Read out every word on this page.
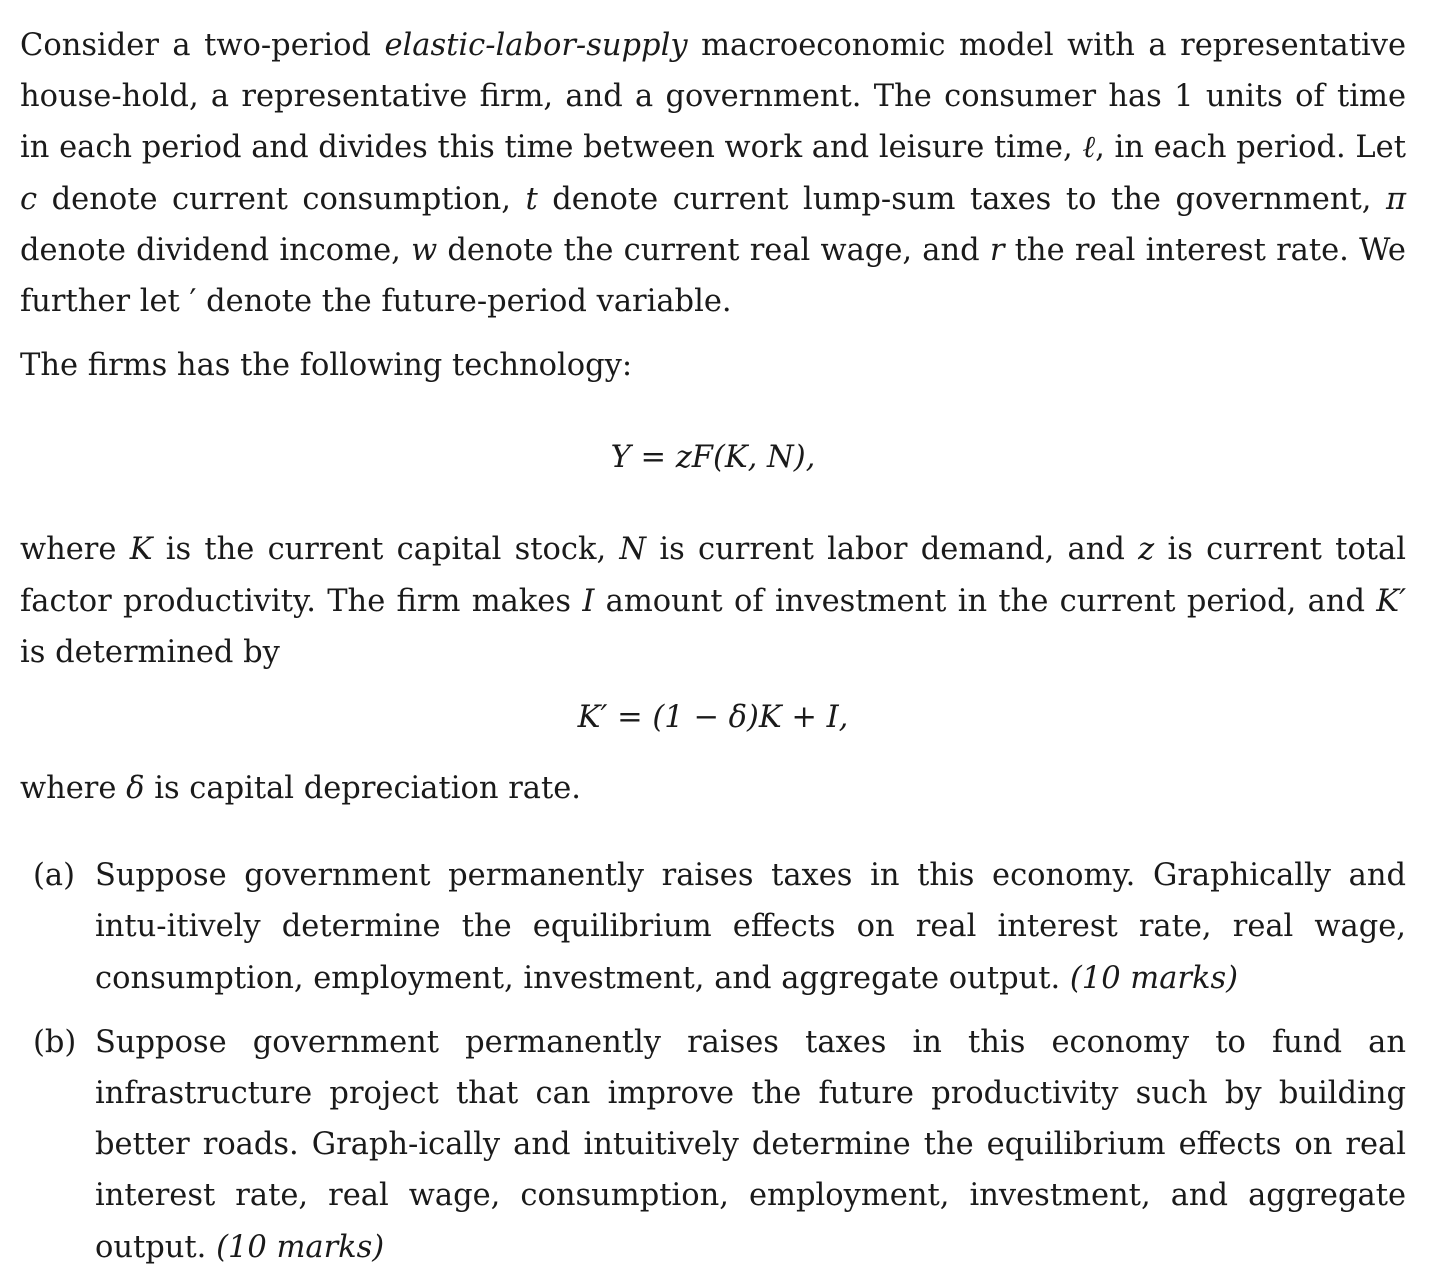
Consider a two-period elastic-labor-supply macroeconomic model with a representative house-hold, a representative firm, and a government. The consumer has 1 units of time in each period and divides this time between work and leisure time, ℓ, in each period. Let c denote current consumption, t denote current lump-sum taxes to the government, π denote dividend income, w denote the current real wage, and r the real interest rate. We further let ′ denote the future-period variable.

The firms has the following technology:

Y = zF(K, N),

where K is the current capital stock, N is current labor demand, and z is current total factor productivity. The firm makes I amount of investment in the current period, and K′ is determined by

K′ = (1 − δ)K + I,

where δ is capital depreciation rate.

(a) Suppose government permanently raises taxes in this economy. Graphically and intu-itively determine the equilibrium effects on real interest rate, real wage, consumption, employment, investment, and aggregate output. (10 marks)
(b) Suppose government permanently raises taxes in this economy to fund an infrastructure project that can improve the future productivity such by building better roads. Graph-ically and intuitively determine the equilibrium effects on real interest rate, real wage, consumption, employment, investment, and aggregate output. (10 marks)
